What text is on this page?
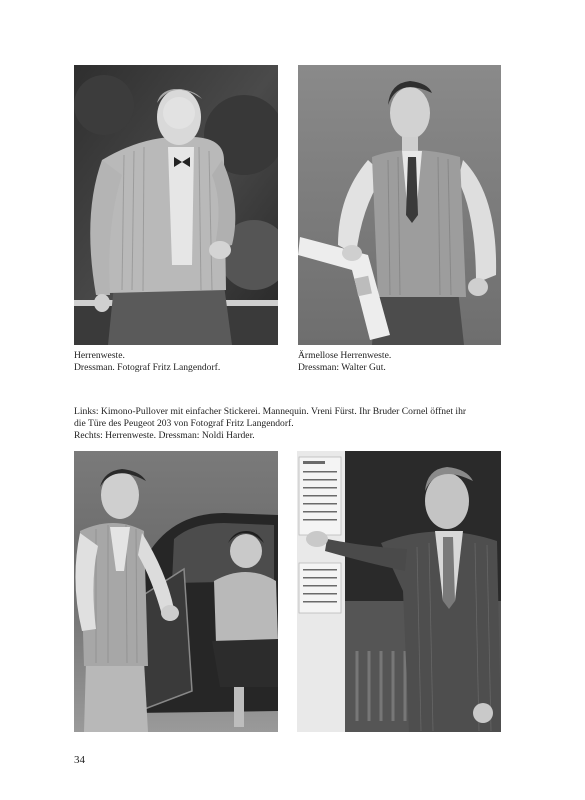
Herrenweste.
Dressman. Fotograf Fritz Langendorf.
Ärmellose Herrenweste.
Dressman: Walter Gut.
Links: Kimono-Pullover mit einfacher Stickerei. Mannequin. Vreni Fürst. Ihr Bruder Cornel öffnet ihr
die Türe des Peugeot 203 von Fotograf Fritz Langendorf.
Rechts: Herrenweste. Dressman: Noldi Harder.
34
